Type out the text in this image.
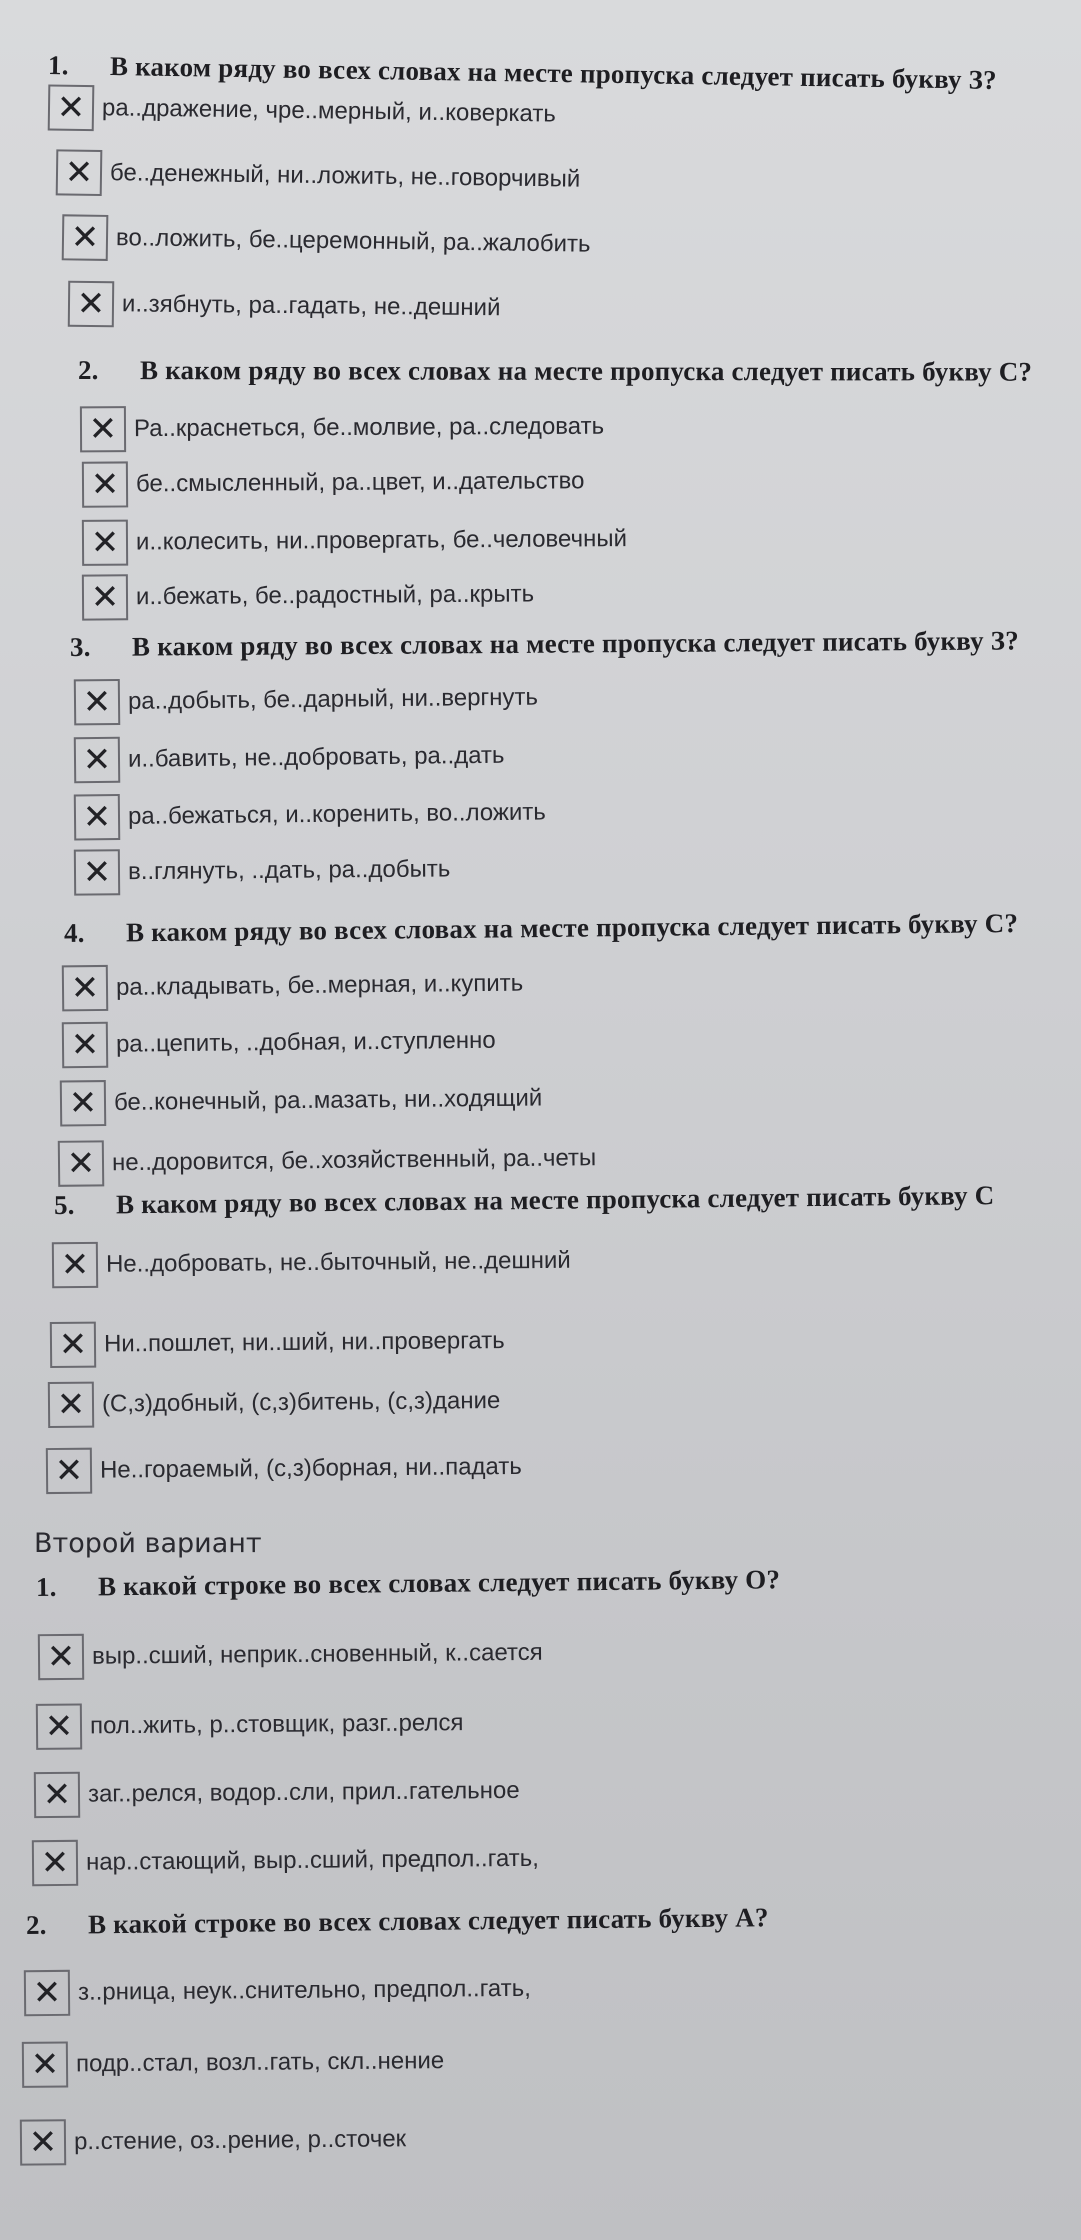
1. В каком ряду во всех словах на месте пропуска следует писать букву З?
✕ ра..дражение, чре..мерный, и..коверкать
✕ бе..денежный, ни..ложить, не..говорчивый
✕ во..ложить, бе..церемонный, ра..жалобить
✕ и..зябнуть, ра..гадать, не..дешний
2. В каком ряду во всех словах на месте пропуска следует писать букву С?
✕ Ра..краснеться, бе..молвие, ра..следовать
✕ бе..смысленный, ра..цвет, и..дательство
✕ и..колесить, ни..провергать, бе..человечный
✕ и..бежать, бе..радостный, ра..крыть
3. В каком ряду во всех словах на месте пропуска следует писать букву З?
✕ ра..добыть, бе..дарный, ни..вергнуть
✕ и..бавить, не..добровать, ра..дать
✕ ра..бежаться, и..коренить, во..ложить
✕ в..глянуть, ..дать, ра..добыть
4. В каком ряду во всех словах на месте пропуска следует писать букву С?
✕ ра..кладывать, бе..мерная, и..купить
✕ ра..цепить, ..добная, и..ступленно
✕ бе..конечный, ра..мазать, ни..ходящий
✕ не..доровится, бе..хозяйственный, ра..четы
5. В каком ряду во всех словах на месте пропуска следует писать букву С
✕ Не..добровать, не..быточный, не..дешний
✕ Ни..пошлет, ни..ший, ни..провергать
✕ (С,з)добный, (с,з)битень, (с,з)дание
✕ Не..гораемый, (с,з)борная, ни..падать
Второй вариант
1. В какой строке во всех словах следует писать букву О?
✕ выр..сший, неприк..сновенный, к..сается
✕ пол..жить, р..стовщик, разг..релся
✕ заг..релся, водор..сли, прил..гательное
✕ нар..стающий, выр..сший, предпол..гать,
2. В какой строке во всех словах следует писать букву А?
✕ з..рница, неук..снительно, предпол..гать,
✕ подр..стал, возл..гать, скл..нение
✕ р..стение, оз..рение, р..сточек
